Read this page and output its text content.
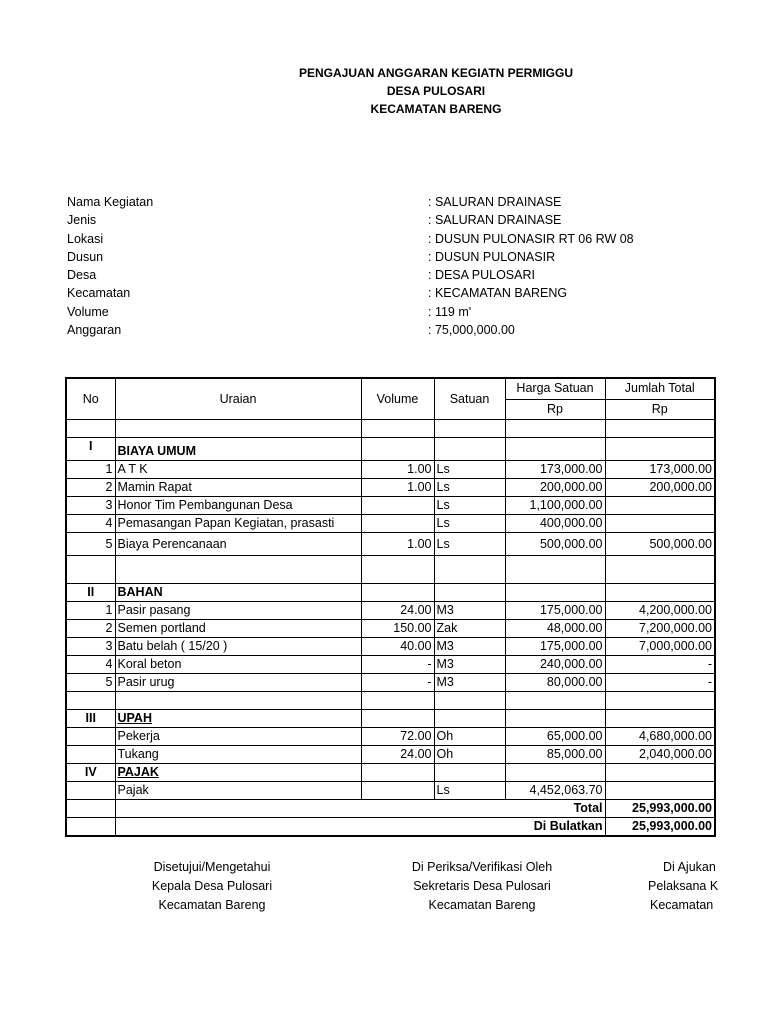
PENGAJUAN ANGGARAN KEGIATN PERMIGGU
DESA PULOSARI
KECAMATAN BARENG
Nama Kegiatan	: SALURAN DRAINASE
Jenis	: SALURAN DRAINASE
Lokasi	: DUSUN PULONASIR RT 06 RW 08
Dusun	: DUSUN PULONASIR
Desa	: DESA PULOSARI
Kecamatan	: KECAMATAN BARENG
Volume	: 119 m'
Anggaran	: 75,000,000.00
No	Uraian	Volume	Satuan	Harga Satuan	Jumlah Total
				Rp	Rp

I	BIAYA UMUM				
1	A T K	1.00	Ls	173,000.00	173,000.00
2	Mamin Rapat	1.00	Ls	200,000.00	200,000.00
3	Honor Tim Pembangunan Desa		Ls	1,100,000.00	
4	Pemasangan Papan Kegiatan, prasasti		Ls	400,000.00	
5	Biaya Perencanaan	1.00	Ls	500,000.00	500,000.00

II	BAHAN				
1	Pasir pasang	24.00	M3	175,000.00	4,200,000.00
2	Semen portland	150.00	Zak	48,000.00	7,200,000.00
3	Batu belah ( 15/20 )	40.00	M3	175,000.00	7,000,000.00
4	Koral beton	-	M3	240,000.00	-
5	Pasir urug	-	M3	80,000.00	-

III	UPAH				
	Pekerja	72.00	Oh	65,000.00	4,680,000.00
	Tukang	24.00	Oh	85,000.00	2,040,000.00
IV	PAJAK				
	Pajak		Ls	4,452,063.70	
	Total				25,993,000.00
	Di Bulatkan				25,993,000.00
Disetujui/Mengetahui
Kepala Desa Pulosari
Kecamatan Bareng
Di Periksa/Verifikasi Oleh
Sekretaris Desa Pulosari
Kecamatan Bareng
Di Ajukan
Pelaksana K
Kecamatan
